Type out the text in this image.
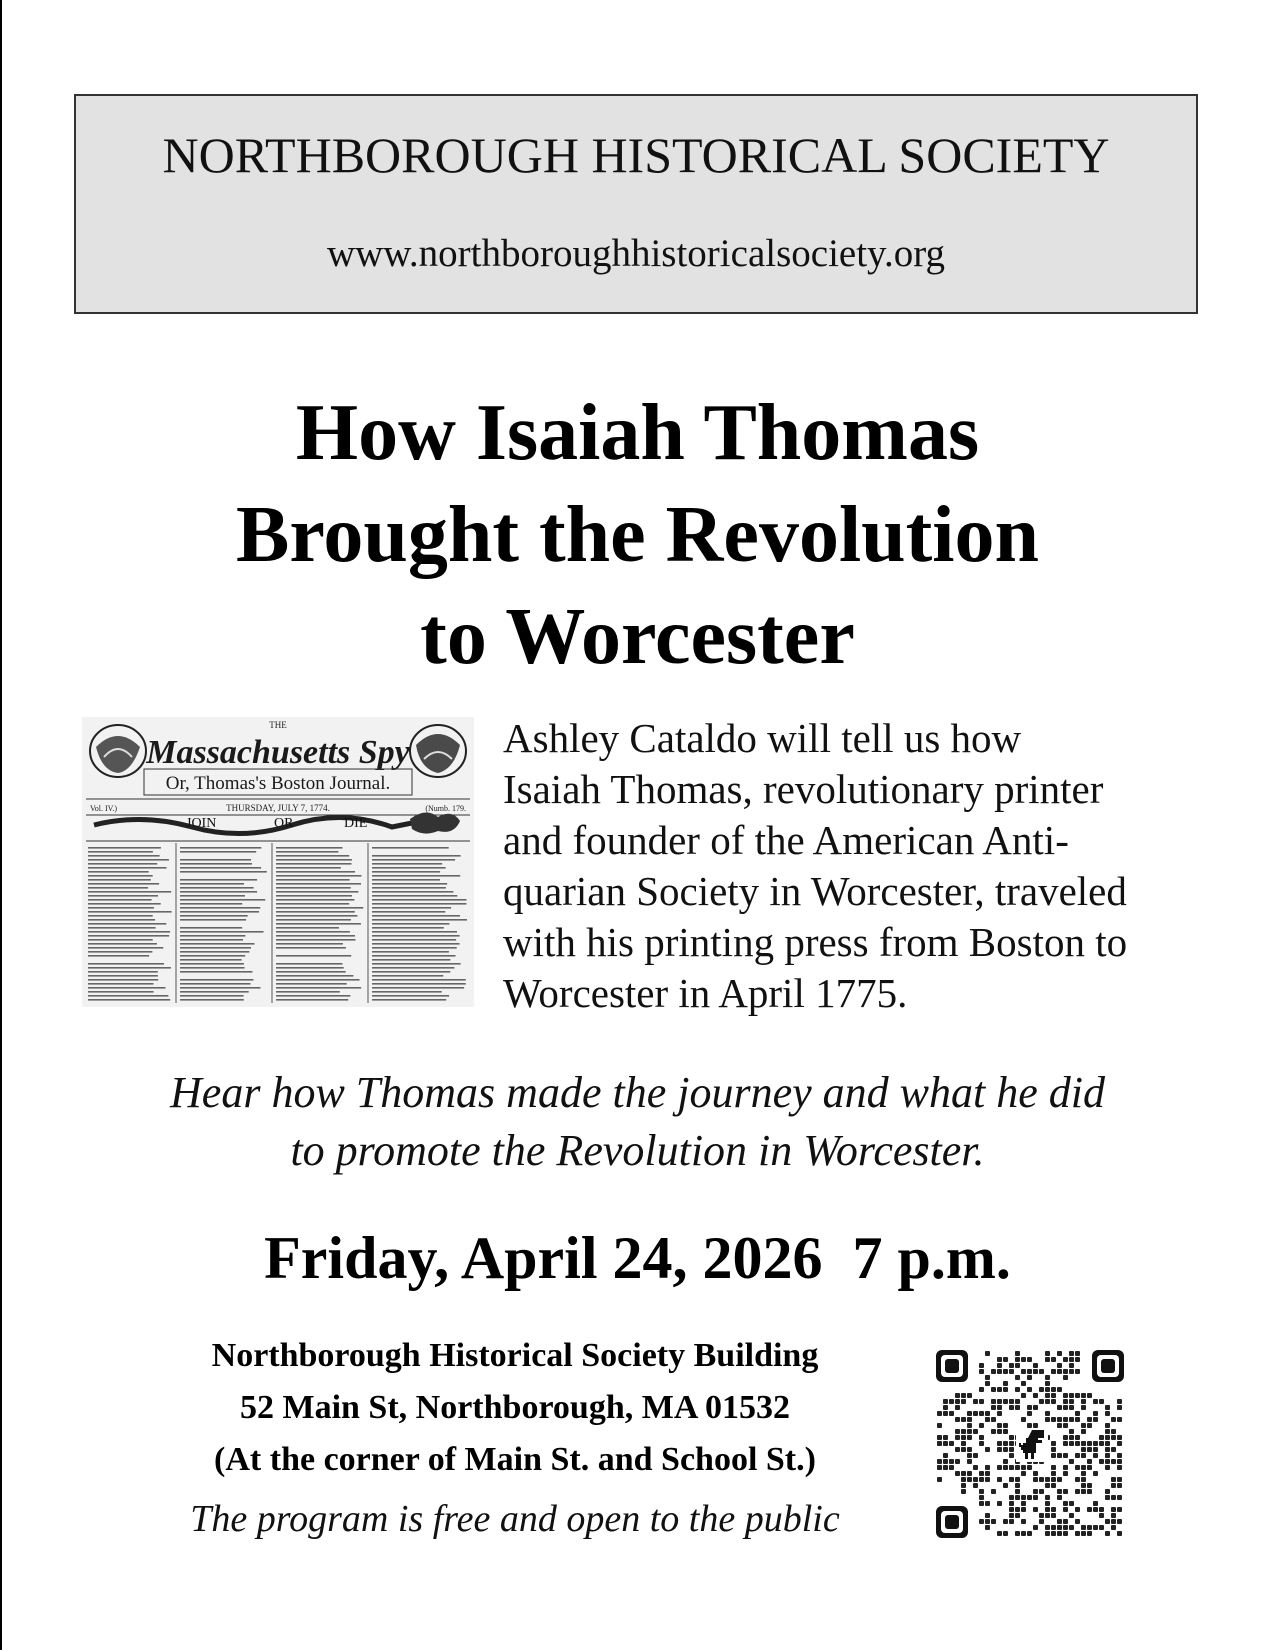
NORTHBOROUGH HISTORICAL SOCIETY
www.northboroughhistoricalsociety.org
How Isaiah Thomas
Brought the Revolution
to Worcester
THE
Massachusetts Spy
Or, Thomas's Boston Journal.
Vol. IV.)	THURSDAY, JULY 7, 1774.	(Numb. 179.
JOIN	OR	DIE
Ashley Cataldo will tell us how
Isaiah Thomas, revolutionary printer
and founder of the American Anti-
quarian Society in Worcester, traveled
with his printing press from Boston to
Worcester in April 1775.
Hear how Thomas made the journey and what he did
to promote the Revolution in Worcester.
Friday, April 24, 2026  7 p.m.
Northborough Historical Society Building
52 Main St, Northborough, MA 01532
(At the corner of Main St. and School St.)
The program is free and open to the public
